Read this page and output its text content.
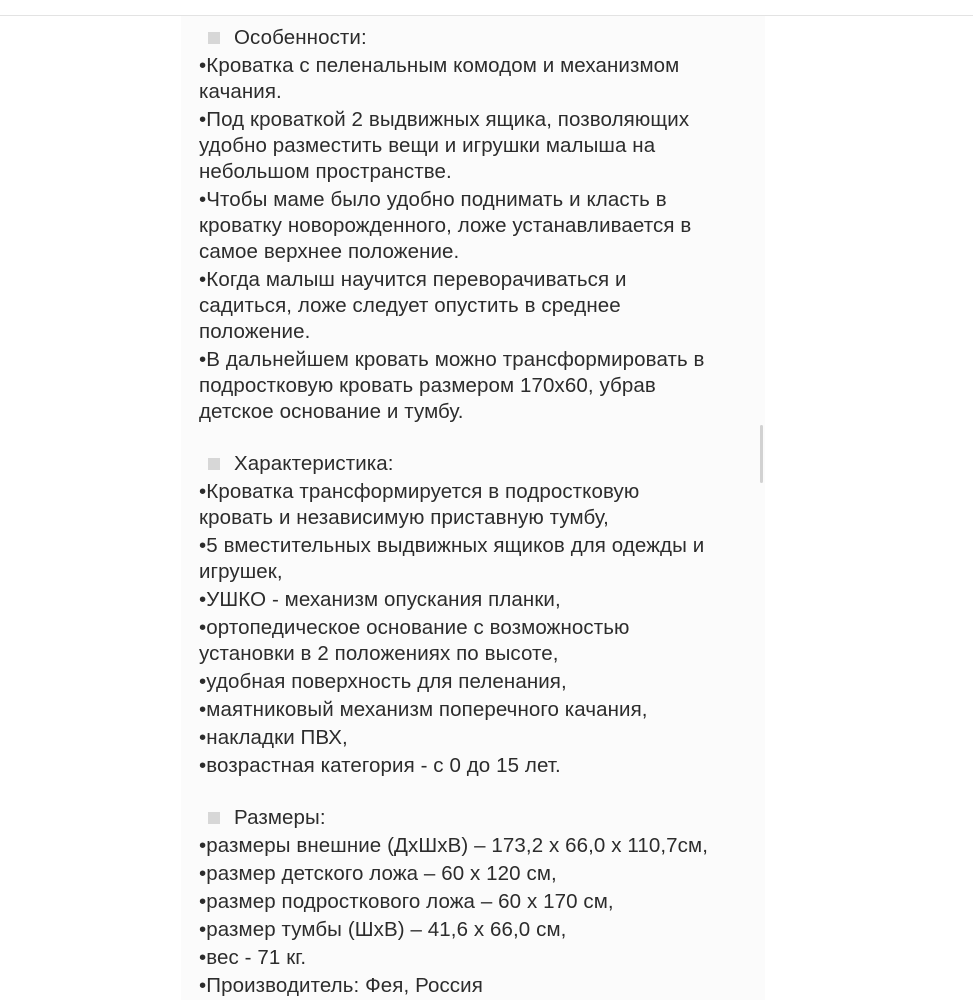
Особенности:
•Кроватка с пеленальным комодом и механизмом
качания.
•Под кроваткой 2 выдвижных ящика, позволяющих
удобно разместить вещи и игрушки малыша на
небольшом пространстве.
•Чтобы маме было удобно поднимать и класть в
кроватку новорожденного, ложе устанавливается в
самое верхнее положение.
•Когда малыш научится переворачиваться и
садиться, ложе следует опустить в среднее
положение.
•В дальнейшем кровать можно трансформировать в
подростковую кровать размером 170х60, убрав
детское основание и тумбу.
Характеристика:
•Кроватка трансформируется в подростковую
кровать и независимую приставную тумбу,
•5 вместительных выдвижных ящиков для одежды и
игрушек,
•УШКО - механизм опускания планки,
•ортопедическое основание с возможностью
установки в 2 положениях по высоте,
•удобная поверхность для пеленания,
•маятниковый механизм поперечного качания,
•накладки ПВХ,
•возрастная категория - с 0 до 15 лет.
Размеры:
•размеры внешние (ДхШхВ) – 173,2 х 66,0 х 110,7см,
•размер детского ложа – 60 х 120 см,
•размер подросткового ложа – 60 х 170 см,
•размер тумбы (ШхВ) – 41,6 х 66,0 см,
•вес - 71 кг.
•Производитель: Фея, Россия
